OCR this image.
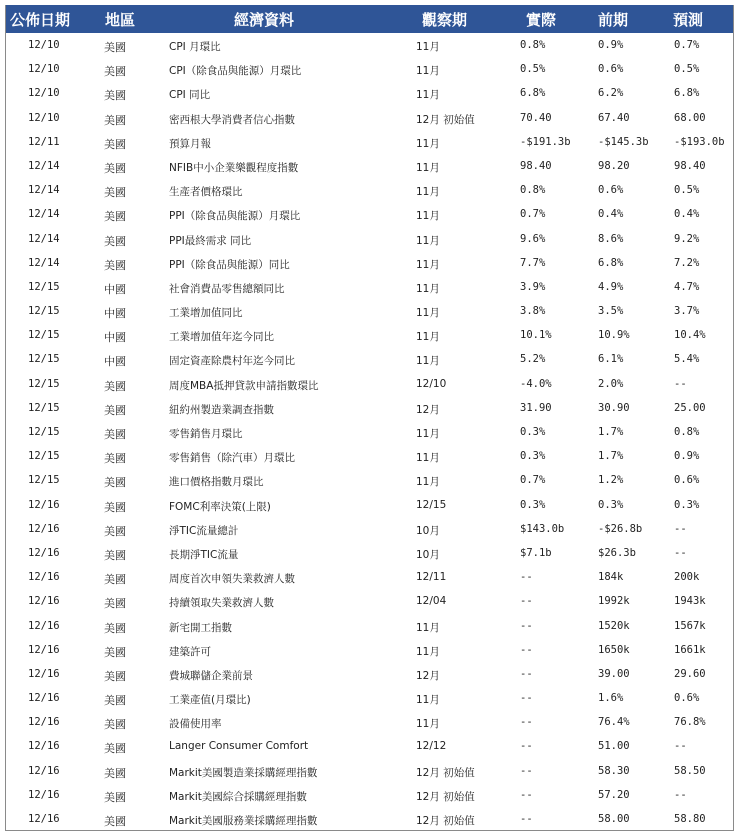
公佈日期 地區	經濟資料	觀察期	實際	前期	預測
12/10	美國	CPI 月環比	11月	0.8%	0.9%	0.7%
12/10	美國	CPI（除食品與能源）月環比	11月	0.5%	0.6%	0.5%
12/10	美國	CPI 同比	11月	6.8%	6.2%	6.8%
12/10	美國	密西根大學消費者信心指數	12月 初始值	70.40	67.40	68.00
12/11	美國	預算月報	11月	-$191.3b	-$145.3b -$193.0b
12/14	美國	NFIB中小企業樂觀程度指數	11月	98.40	98.20	98.40
12/14	美國	生產者價格環比	11月	0.8%	0.6%	0.5%
12/14	美國	PPI（除食品與能源）月環比	11月	0.7%	0.4%	0.4%
12/14	美國	PPI最終需求 同比	11月	9.6%	8.6%	9.2%
12/14	美國	PPI（除食品與能源）同比	11月	7.7%	6.8%	7.2%
12/15	中國	社會消費品零售總額同比	11月	3.9%	4.9%	4.7%
12/15	中國	工業增加值同比	11月	3.8%	3.5%	3.7%
12/15	中國	工業增加值年迄今同比	11月	10.1%	10.9%	10.4%
12/15	中國	固定資產除農村年迄今同比	11月	5.2%	6.1%	5.4%
12/15	美國	周度MBA抵押貸款申請指數環比	12/10	-4.0%	2.0%	--
12/15	美國	紐約州製造業調查指數	12月	31.90	30.90	25.00
12/15	美國	零售銷售月環比	11月	0.3%	1.7%	0.8%
12/15	美國	零售銷售（除汽車）月環比	11月	0.3%	1.7%	0.9%
12/15	美國	進口價格指數月環比	11月	0.7%	1.2%	0.6%
12/16	美國	FOMC利率決策(上限)	12/15	0.3%	0.3%	0.3%
12/16	美國	淨TIC流量總計	10月	$143.0b	-$26.8b	--
12/16	美國	長期淨TIC流量	10月	$7.1b	$26.3b	--
12/16	美國	周度首次申領失業救濟人數	12/11	--	184k	200k
12/16	美國	持續領取失業救濟人數	12/04	--	1992k	1943k
12/16	美國	新宅開工指數	11月	--	1520k	1567k
12/16	美國	建築許可	11月	--	1650k	1661k
12/16	美國	費城聯儲企業前景	12月	--	39.00	29.60
12/16	美國	工業產值(月環比)	11月	--	1.6%	0.6%
12/16	美國	設備使用率	11月	--	76.4%	76.8%
12/16	美國	Langer Consumer Comfort	12/12	--	51.00	--
12/16	美國	Markit美國製造業採購經理指數	12月 初始值	--	58.30	58.50
12/16	美國	Markit美國綜合採購經理指數	12月 初始值	--	57.20	--
12/16	美國	Markit美國服務業採購經理指數	12月 初始值	--	58.00	58.80
